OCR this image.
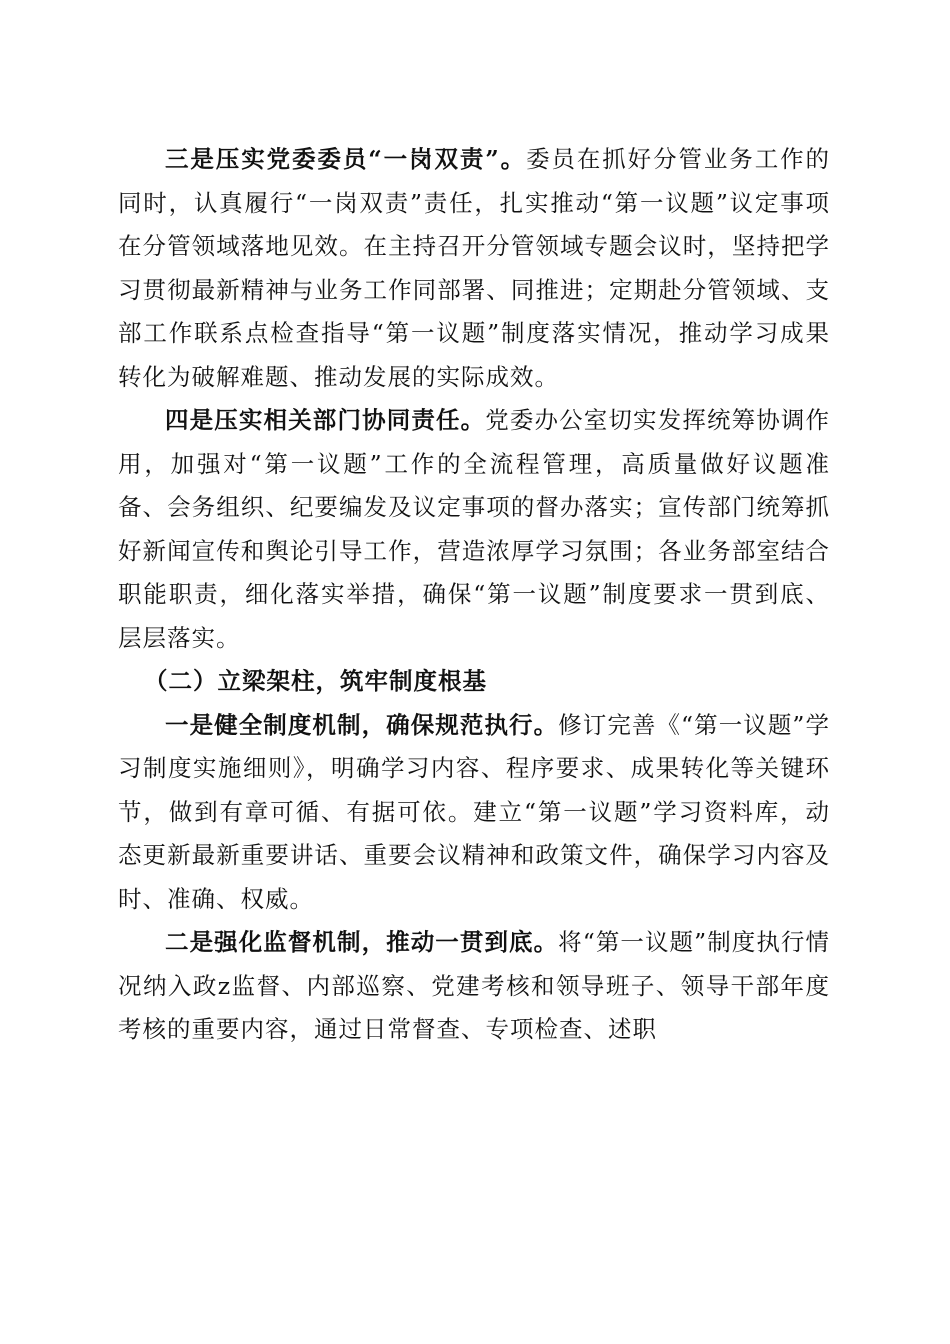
三是压实党委委员“一岗双责”。委员在抓好分管业务工作的同时，认真履行“一岗双责”责任，扎实推动“第一议题”议定事项在分管领域落地见效。在主持召开分管领域专题会议时，坚持把学习贯彻最新精神与业务工作同部署、同推进；定期赴分管领域、支部工作联系点检查指导“第一议题”制度落实情况，推动学习成果转化为破解难题、推动发展的实际成效。

四是压实相关部门协同责任。党委办公室切实发挥统筹协调作用，加强对“第一议题”工作的全流程管理，高质量做好议题准备、会务组织、纪要编发及议定事项的督办落实；宣传部门统筹抓好新闻宣传和舆论引导工作，营造浓厚学习氛围；各业务部室结合职能职责，细化落实举措，确保“第一议题”制度要求一贯到底、层层落实。

（二）立梁架柱，筑牢制度根基

一是健全制度机制，确保规范执行。修订完善《“第一议题”学习制度实施细则》，明确学习内容、程序要求、成果转化等关键环节，做到有章可循、有据可依。建立“第一议题”学习资料库，动态更新最新重要讲话、重要会议精神和政策文件，确保学习内容及时、准确、权威。

二是强化监督机制，推动一贯到底。将“第一议题”制度执行情况纳入政z监督、内部巡察、党建考核和领导班子、领导干部年度考核的重要内容，通过日常督查、专项检查、述职
